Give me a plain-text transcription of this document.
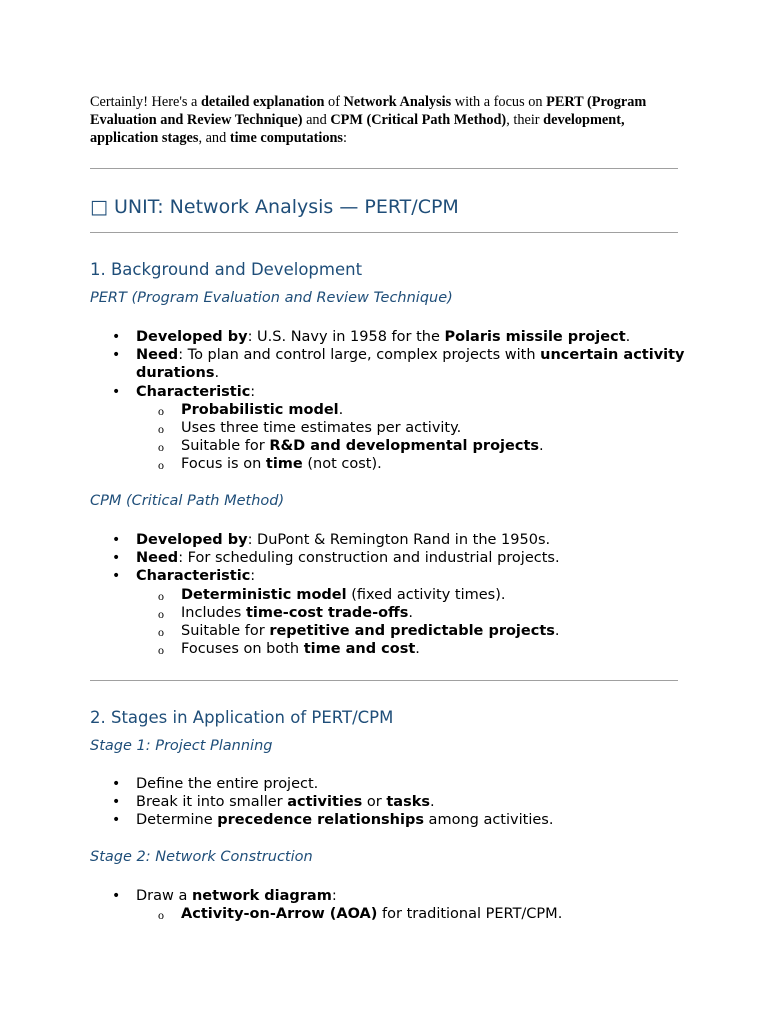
Certainly! Here's a detailed explanation of Network Analysis with a focus on PERT (Program Evaluation and Review Technique) and CPM (Critical Path Method), their development, application stages, and time computations:

□ UNIT: Network Analysis — PERT/CPM
1. Background and Development
PERT (Program Evaluation and Review Technique)
• Developed by: U.S. Navy in 1958 for the Polaris missile project.
• Need: To plan and control large, complex projects with uncertain activity durations.
• Characteristic:
o Probabilistic model.
o Uses three time estimates per activity.
o Suitable for R&D and developmental projects.
o Focus is on time (not cost).
CPM (Critical Path Method)
• Developed by: DuPont & Remington Rand in the 1950s.
• Need: For scheduling construction and industrial projects.
• Characteristic:
o Deterministic model (fixed activity times).
o Includes time-cost trade-offs.
o Suitable for repetitive and predictable projects.
o Focuses on both time and cost.
2. Stages in Application of PERT/CPM
Stage 1: Project Planning
• Define the entire project.
• Break it into smaller activities or tasks.
• Determine precedence relationships among activities.
Stage 2: Network Construction
• Draw a network diagram:
o Activity-on-Arrow (AOA) for traditional PERT/CPM.
